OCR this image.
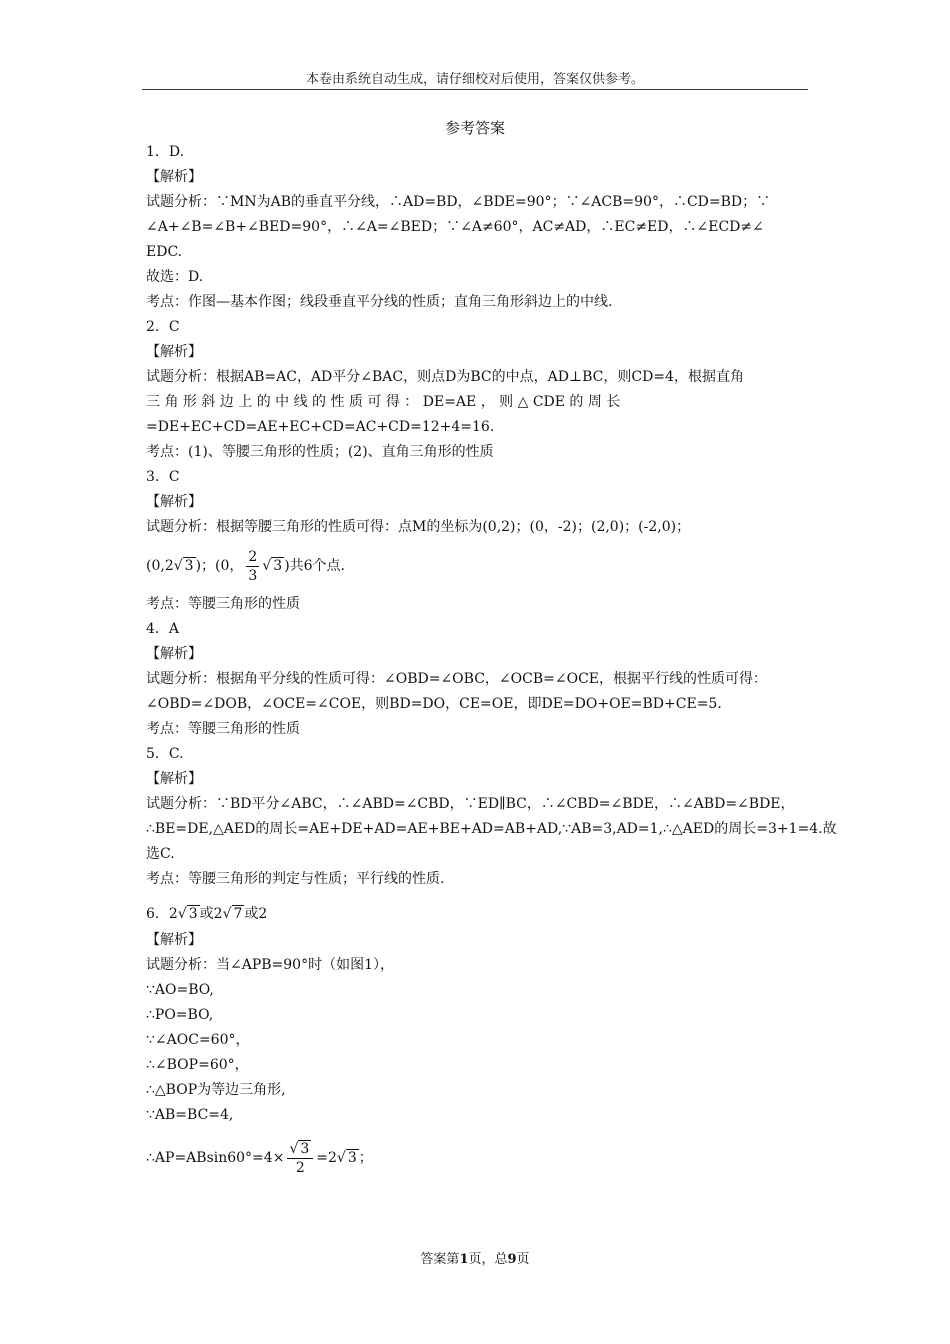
本卷由系统自动生成，请仔细校对后使用，答案仅供参考。
参考答案
1．D.
【解析】
试题分析：∵MN为AB的垂直平分线，∴AD=BD，∠BDE=90°；∵∠ACB=90°，∴CD=BD；∵
∠A+∠B=∠B+∠BED=90°，∴∠A=∠BED；∵∠A≠60°，AC≠AD，∴EC≠ED，∴∠ECD≠∠
EDC.
故选：D.
考点：作图—基本作图；线段垂直平分线的性质；直角三角形斜边上的中线.
2．C
【解析】
试题分析：根据AB=AC，AD平分∠BAC，则点D为BC的中点，AD⊥BC，则CD=4，根据直角
三 角 形 斜 边 上 的 中 线 的 性 质 可 得 ： DE=AE ， 则 △ CDE 的 周 长
=DE+EC+CD=AE+EC+CD=AC+CD=12+4=16.
考点：(1)、等腰三角形的性质；(2)、直角三角形的性质
3．C
【解析】
试题分析：根据等腰三角形的性质可得：点M的坐标为(0,2)；(0，-2)；(2,0)；(-2,0)；
(0,2√ 3 )；(0， $\frac{2}{3}$ √ 3 )共6个点.
考点：等腰三角形的性质
4．A
【解析】
试题分析：根据角平分线的性质可得：∠OBD=∠OBC，∠OCB=∠OCE，根据平行线的性质可得：
∠OBD=∠DOB，∠OCE=∠COE，则BD=DO，CE=OE，即DE=DO+OE=BD+CE=5.
考点：等腰三角形的性质
5．C.
【解析】
试题分析：∵BD平分∠ABC，∴∠ABD=∠CBD，∵ED∥BC，∴∠CBD=∠BDE，∴∠ABD=∠BDE，
∴BE=DE,△AED的周长=AE+DE+AD=AE+BE+AD=AB+AD,∵AB=3,AD=1,∴△AED的周长=3+1=4.故
选C.
考点：等腰三角形的判定与性质；平行线的性质.
6．2√ 3 或2√ 7 或2
【解析】
试题分析：当∠APB=90°时（如图1），
∵AO=BO,
∴PO=BO,
∵∠AOC=60°，
∴∠BOP=60°，
∴△BOP为等边三角形,
∵AB=BC=4,
∴AP=ABsin60°=4× $\frac{√ 3}{2} =2√$ 3 ；
答案第1页，总9页
